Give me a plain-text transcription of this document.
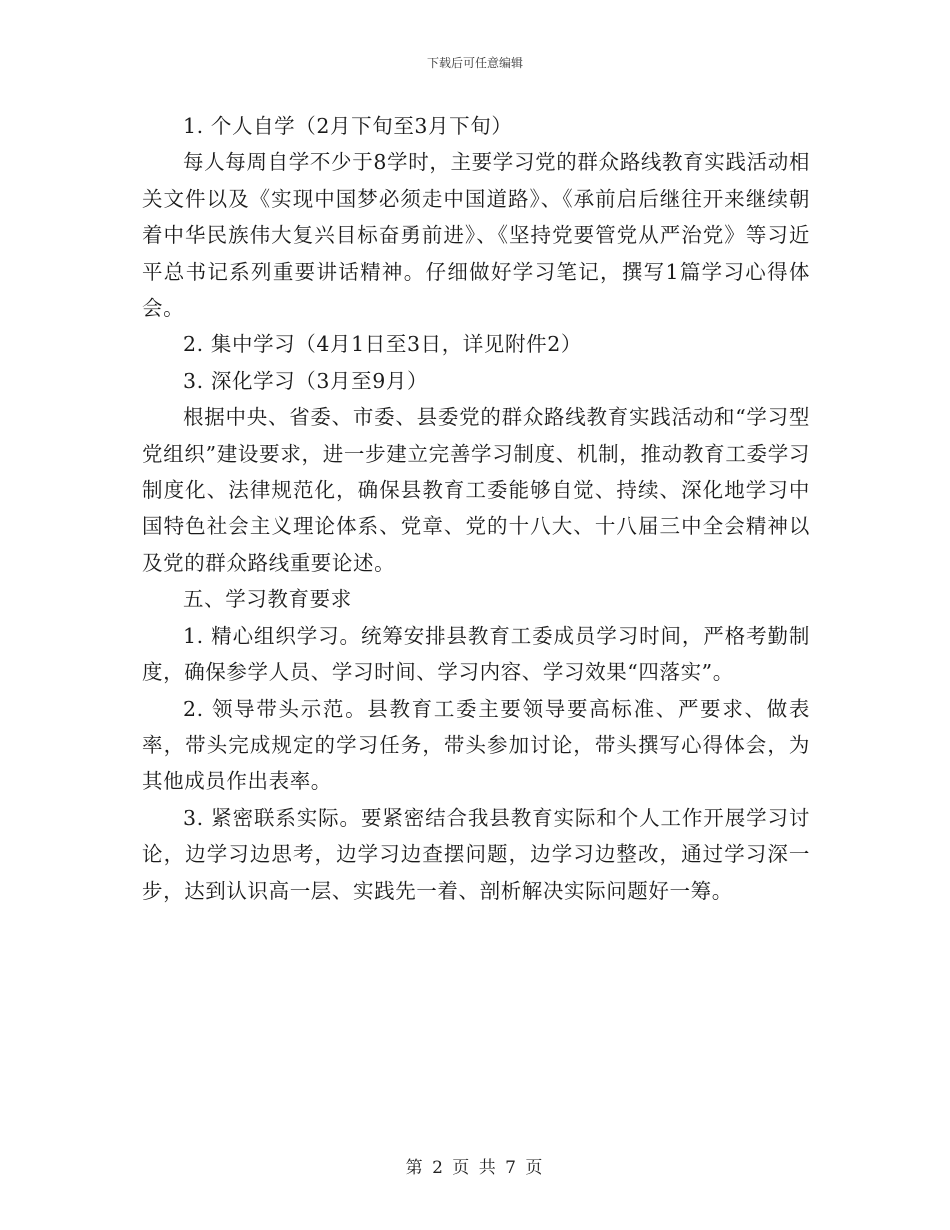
下载后可任意编辑

1. 个人自学（2月下旬至3月下旬）

每人每周自学不少于8学时，主要学习党的群众路线教育实践活动相关文件以及《实现中国梦必须走中国道路》、《承前启后继往开来继续朝着中华民族伟大复兴目标奋勇前进》、《坚持党要管党从严治党》等习近平总书记系列重要讲话精神。仔细做好学习笔记，撰写1篇学习心得体会。

2. 集中学习（4月1日至3日，详见附件2）

3. 深化学习（3月至9月）

根据中央、省委、市委、县委党的群众路线教育实践活动和“学习型党组织”建设要求，进一步建立完善学习制度、机制，推动教育工委学习制度化、法律规范化，确保县教育工委能够自觉、持续、深化地学习中国特色社会主义理论体系、党章、党的十八大、十八届三中全会精神以及党的群众路线重要论述。

五、学习教育要求

1. 精心组织学习。统筹安排县教育工委成员学习时间，严格考勤制度，确保参学人员、学习时间、学习内容、学习效果“四落实”。

2. 领导带头示范。县教育工委主要领导要高标准、严要求、做表率，带头完成规定的学习任务，带头参加讨论，带头撰写心得体会，为其他成员作出表率。

3. 紧密联系实际。要紧密结合我县教育实际和个人工作开展学习讨论，边学习边思考，边学习边查摆问题，边学习边整改，通过学习深一步，达到认识高一层、实践先一着、剖析解决实际问题好一筹。

第 2 页 共 7 页
